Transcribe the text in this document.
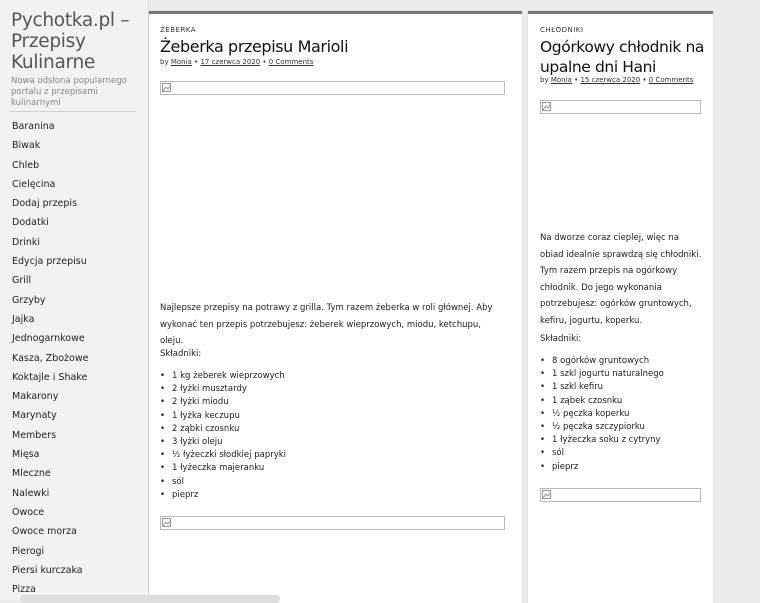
Pychotka.pl – Przepisy Kulinarne
Nowa odsłona popularnego portalu z przepisami kulinarnymi
Baranina
Biwak
Chleb
Cielęcina
Dodaj przepis
Dodatki
Drinki
Edycja przepisu
Grill
Grzyby
Jajka
Jednogarnkowe
Kasza, Zbożowe
Koktajle i Shake
Makarony
Marynaty
Members
Mięsa
Mleczne
Nalewki
Owoce
Owoce morza
Pierogi
Piersi kurczaka
Pizza
ŻEBERKA
Żeberka przepisu Marioli
by Monia • 17 czerwca 2020 • 0 Comments

Najlepsze przepisy na potrawy z grilla. Tym razem żeberka w roli głównej. Aby wykonać ten przepis potrzebujesz: żeberek wieprzowych, miodu, ketchupu, oleju.

Składniki:

• 1 kg żeberek wieprzowych
• 2 łyżki musztardy
• 2 łyżki miodu
• 1 łyżka keczupu
• 2 ząbki czosnku
• 3 łyżki oleju
• ½ łyżeczki słodkiej papryki
• 1 łyżeczka majeranku
• sól
• pieprz
CHŁODNIKI
Ogórkowy chłodnik na upalne dni Hani
by Monia • 15 czerwca 2020 • 0 Comments

Na dworze coraz cieplej, więc na obiad idealnie sprawdzą się chłodniki. Tym razem przepis na ogórkowy chłodnik. Do jego wykonania potrzebujesz: ogórków gruntowych, kefiru, jogurtu, koperku.

Składniki:

• 8 ogórków gruntowych
• 1 szkl jogurtu naturalnego
• 1 szkl kefiru
• 1 ząbek czosnku
• ½ pęczka koperku
• ½ pęczka szczypiorku
• 1 łyżeczka soku z cytryny
• sól
• pieprz
